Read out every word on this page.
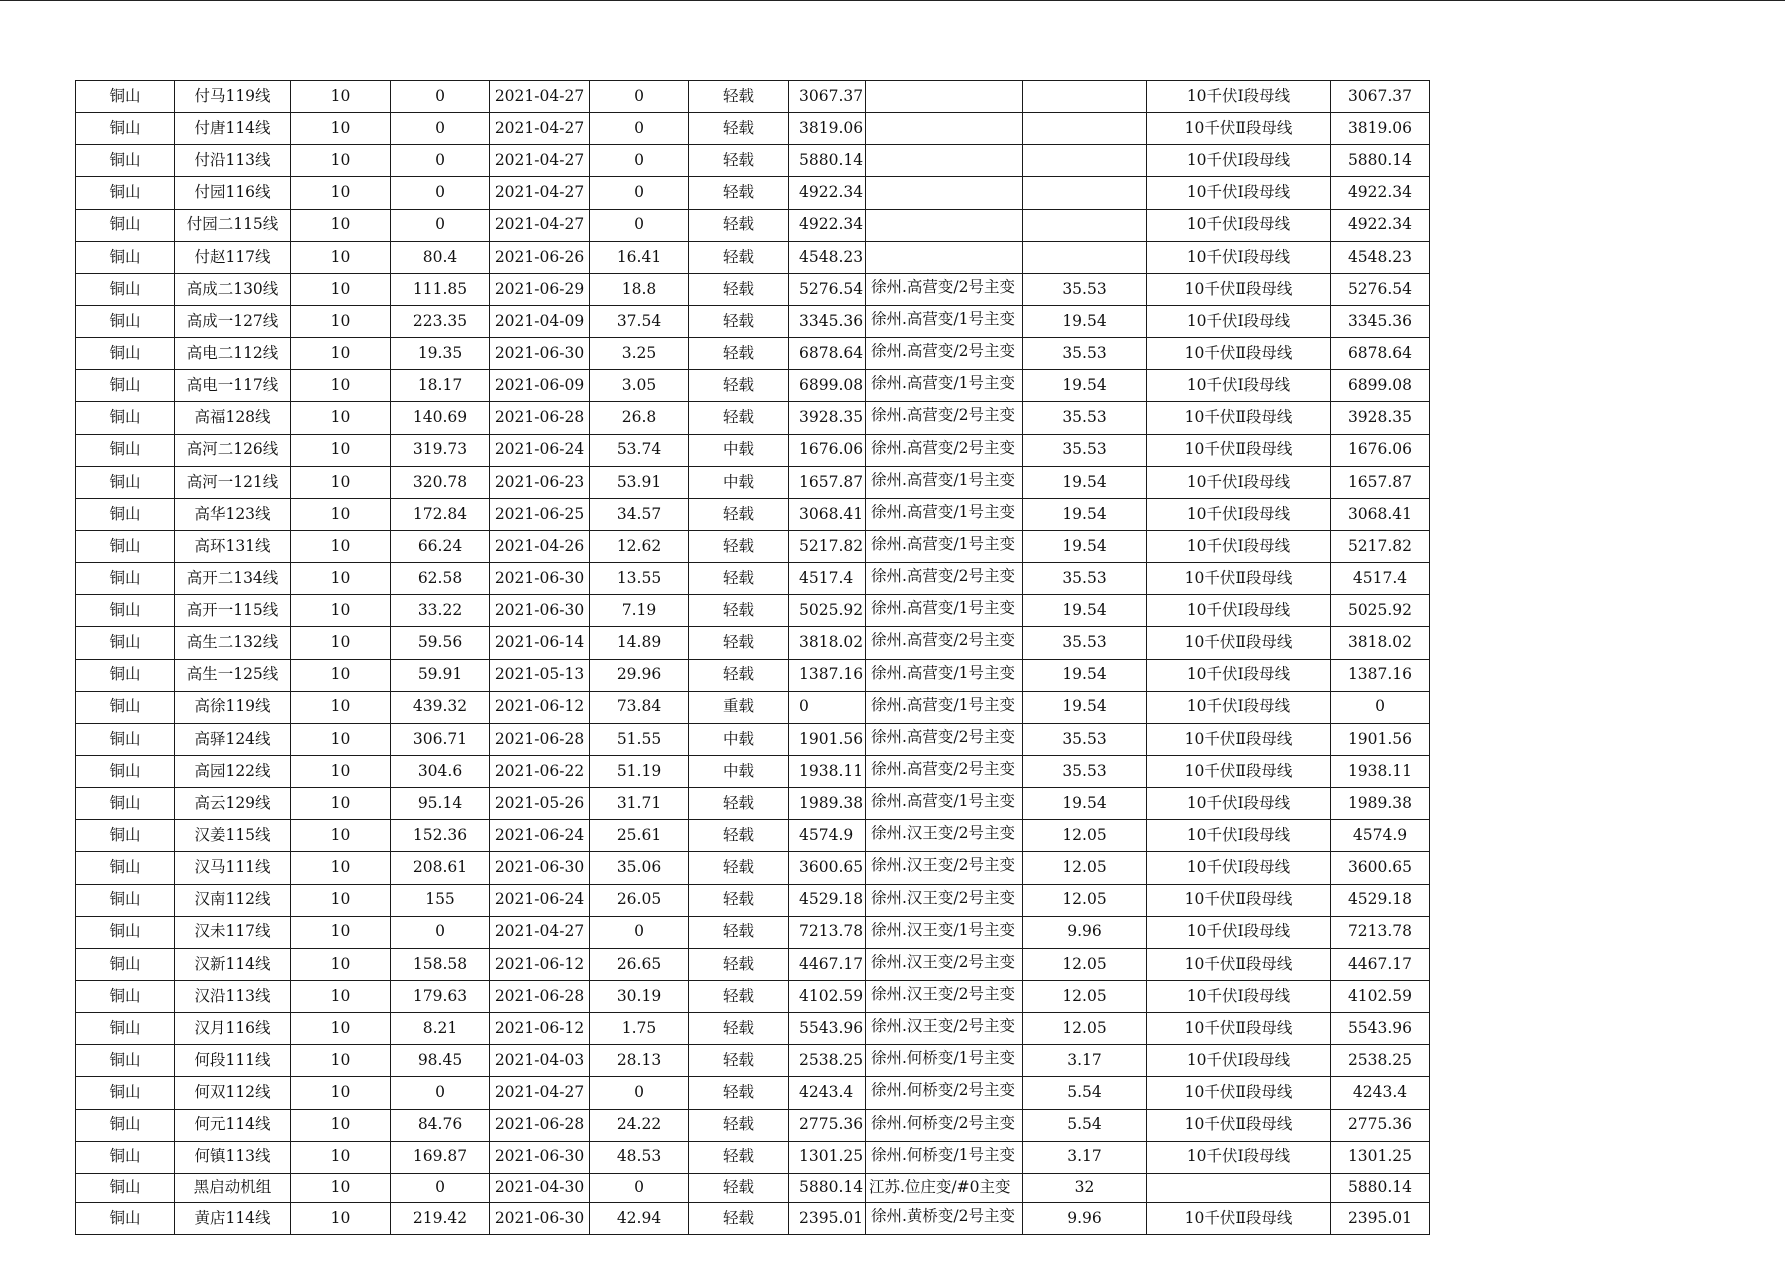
铜山	付马119线	10	0	2021-04-27	0	轻载	3067.37			10千伏Ⅰ段母线	3067.37
铜山	付唐114线	10	0	2021-04-27	0	轻载	3819.06			10千伏Ⅱ段母线	3819.06
铜山	付沿113线	10	0	2021-04-27	0	轻载	5880.14			10千伏Ⅰ段母线	5880.14
铜山	付园116线	10	0	2021-04-27	0	轻载	4922.34			10千伏Ⅰ段母线	4922.34
铜山	付园二115线	10	0	2021-04-27	0	轻载	4922.34			10千伏Ⅰ段母线	4922.34
铜山	付赵117线	10	80.4	2021-06-26	16.41	轻载	4548.23			10千伏Ⅰ段母线	4548.23
铜山	高成二130线	10	111.85	2021-06-29	18.8	轻载	5276.54	徐州.高营变/2号主变	35.53	10千伏Ⅱ段母线	5276.54
铜山	高成一127线	10	223.35	2021-04-09	37.54	轻载	3345.36	徐州.高营变/1号主变	19.54	10千伏Ⅰ段母线	3345.36
铜山	高电二112线	10	19.35	2021-06-30	3.25	轻载	6878.64	徐州.高营变/2号主变	35.53	10千伏Ⅱ段母线	6878.64
铜山	高电一117线	10	18.17	2021-06-09	3.05	轻载	6899.08	徐州.高营变/1号主变	19.54	10千伏Ⅰ段母线	6899.08
铜山	高福128线	10	140.69	2021-06-28	26.8	轻载	3928.35	徐州.高营变/2号主变	35.53	10千伏Ⅱ段母线	3928.35
铜山	高河二126线	10	319.73	2021-06-24	53.74	中载	1676.06	徐州.高营变/2号主变	35.53	10千伏Ⅱ段母线	1676.06
铜山	高河一121线	10	320.78	2021-06-23	53.91	中载	1657.87	徐州.高营变/1号主变	19.54	10千伏Ⅰ段母线	1657.87
铜山	高华123线	10	172.84	2021-06-25	34.57	轻载	3068.41	徐州.高营变/1号主变	19.54	10千伏Ⅰ段母线	3068.41
铜山	高环131线	10	66.24	2021-04-26	12.62	轻载	5217.82	徐州.高营变/1号主变	19.54	10千伏Ⅰ段母线	5217.82
铜山	高开二134线	10	62.58	2021-06-30	13.55	轻载	4517.4	徐州.高营变/2号主变	35.53	10千伏Ⅱ段母线	4517.4
铜山	高开一115线	10	33.22	2021-06-30	7.19	轻载	5025.92	徐州.高营变/1号主变	19.54	10千伏Ⅰ段母线	5025.92
铜山	高生二132线	10	59.56	2021-06-14	14.89	轻载	3818.02	徐州.高营变/2号主变	35.53	10千伏Ⅱ段母线	3818.02
铜山	高生一125线	10	59.91	2021-05-13	29.96	轻载	1387.16	徐州.高营变/1号主变	19.54	10千伏Ⅰ段母线	1387.16
铜山	高徐119线	10	439.32	2021-06-12	73.84	重载	0	徐州.高营变/1号主变	19.54	10千伏Ⅰ段母线	0
铜山	高驿124线	10	306.71	2021-06-28	51.55	中载	1901.56	徐州.高营变/2号主变	35.53	10千伏Ⅱ段母线	1901.56
铜山	高园122线	10	304.6	2021-06-22	51.19	中载	1938.11	徐州.高营变/2号主变	35.53	10千伏Ⅱ段母线	1938.11
铜山	高云129线	10	95.14	2021-05-26	31.71	轻载	1989.38	徐州.高营变/1号主变	19.54	10千伏Ⅰ段母线	1989.38
铜山	汉姜115线	10	152.36	2021-06-24	25.61	轻载	4574.9	徐州.汉王变/2号主变	12.05	10千伏Ⅰ段母线	4574.9
铜山	汉马111线	10	208.61	2021-06-30	35.06	轻载	3600.65	徐州.汉王变/2号主变	12.05	10千伏Ⅰ段母线	3600.65
铜山	汉南112线	10	155	2021-06-24	26.05	轻载	4529.18	徐州.汉王变/2号主变	12.05	10千伏Ⅱ段母线	4529.18
铜山	汉未117线	10	0	2021-04-27	0	轻载	7213.78	徐州.汉王变/1号主变	9.96	10千伏Ⅰ段母线	7213.78
铜山	汉新114线	10	158.58	2021-06-12	26.65	轻载	4467.17	徐州.汉王变/2号主变	12.05	10千伏Ⅱ段母线	4467.17
铜山	汉沿113线	10	179.63	2021-06-28	30.19	轻载	4102.59	徐州.汉王变/2号主变	12.05	10千伏Ⅰ段母线	4102.59
铜山	汉月116线	10	8.21	2021-06-12	1.75	轻载	5543.96	徐州.汉王变/2号主变	12.05	10千伏Ⅱ段母线	5543.96
铜山	何段111线	10	98.45	2021-04-03	28.13	轻载	2538.25	徐州.何桥变/1号主变	3.17	10千伏Ⅰ段母线	2538.25
铜山	何双112线	10	0	2021-04-27	0	轻载	4243.4	徐州.何桥变/2号主变	5.54	10千伏Ⅱ段母线	4243.4
铜山	何元114线	10	84.76	2021-06-28	24.22	轻载	2775.36	徐州.何桥变/2号主变	5.54	10千伏Ⅱ段母线	2775.36
铜山	何镇113线	10	169.87	2021-06-30	48.53	轻载	1301.25	徐州.何桥变/1号主变	3.17	10千伏Ⅰ段母线	1301.25
铜山	黑启动机组	10	0	2021-04-30	0	轻载	5880.14	江苏.位庄变/#0主变	32		5880.14
铜山	黄店114线	10	219.42	2021-06-30	42.94	轻载	2395.01	徐州.黄桥变/2号主变	9.96	10千伏Ⅱ段母线	2395.01
